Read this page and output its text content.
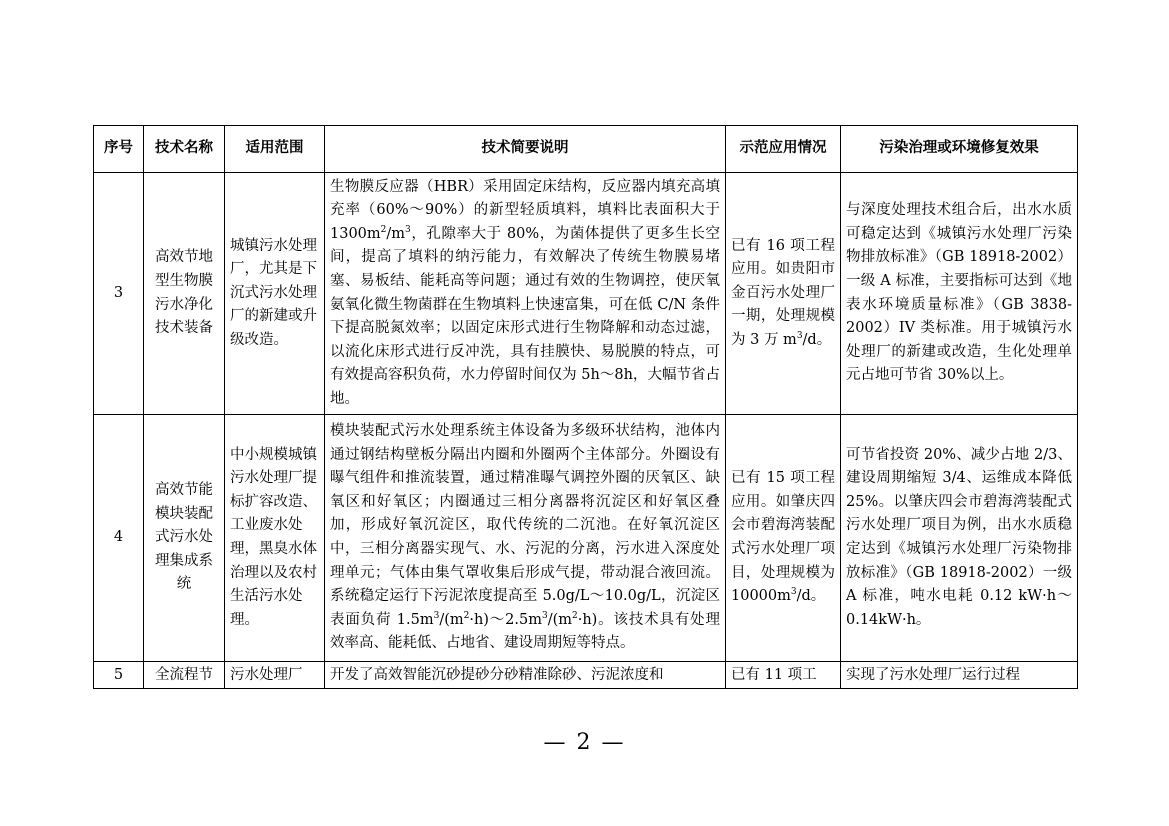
序号	技术名称	适用范围	技术简要说明	示范应用情况	污染治理或环境修复效果
3	高效节地型生物膜污水净化技术装备	城镇污水处理厂，尤其是下沉式污水处理厂的新建或升级改造。	生物膜反应器（HBR）采用固定床结构，反应器内填充高填充率（60%～90%）的新型轻质填料，填料比表面积大于 $1300m^2/m^3$，孔隙率大于 80%，为菌体提供了更多生长空间，提高了填料的纳污能力，有效解决了传统生物膜易堵塞、易板结、能耗高等问题；通过有效的生物调控，使厌氧氨氧化微生物菌群在生物填料上快速富集，可在低 C/N 条件下提高脱氮效率；以固定床形式进行生物降解和动态过滤，以流化床形式进行反冲洗，具有挂膜快、易脱膜的特点，可有效提高容积负荷，水力停留时间仅为 5h～8h，大幅节省占地。	已有 16 项工程应用。如贵阳市金百污水处理厂一期，处理规模为 3 万 $m^3/d$。	与深度处理技术组合后，出水水质可稳定达到《城镇污水处理厂污染物排放标准》（GB 18918-2002）一级 A 标准，主要指标可达到《地表水环境质量标准》（GB 3838-2002）IV 类标准。用于城镇污水处理厂的新建或改造，生化处理单元占地可节省 30%以上。
4	高效节能模块装配式污水处理集成系统	中小规模城镇污水处理厂提标扩容改造、工业废水处理，黑臭水体治理以及农村生活污水处理。	模块装配式污水处理系统主体设备为多级环状结构，池体内通过钢结构壁板分隔出内圈和外圈两个主体部分。外圈设有曝气组件和推流装置，通过精准曝气调控外圈的厌氧区、缺氧区和好氧区；内圈通过三相分离器将沉淀区和好氧区叠加，形成好氧沉淀区，取代传统的二沉池。在好氧沉淀区中，三相分离器实现气、水、污泥的分离，污水进入深度处理单元；气体由集气罩收集后形成气提，带动混合液回流。系统稳定运行下污泥浓度提高至 5.0g/L～10.0g/L，沉淀区表面负荷 $1.5m^3/(m^2\cdot h)\sim 2.5m^3/(m^2\cdot h)$。该技术具有处理效率高、能耗低、占地省、建设周期短等特点。	已有 15 项工程应用。如肇庆四会市碧海湾装配式污水处理厂项目，处理规模为 $10000m^3/d$。	可节省投资 20%、减少占地 2/3、建设周期缩短 3/4、运维成本降低 25%。以肇庆四会市碧海湾装配式污水处理厂项目为例，出水水质稳定达到《城镇污水处理厂污染物排放标准》（GB 18918-2002）一级 A 标准，吨水电耗 0.12 kW·h～0.14kW·h。
5	全流程节	污水处理厂	开发了高效智能沉砂提砂分砂精准除砂、污泥浓度和	已有 11 项工	实现了污水处理厂运行过程
— 2 —
